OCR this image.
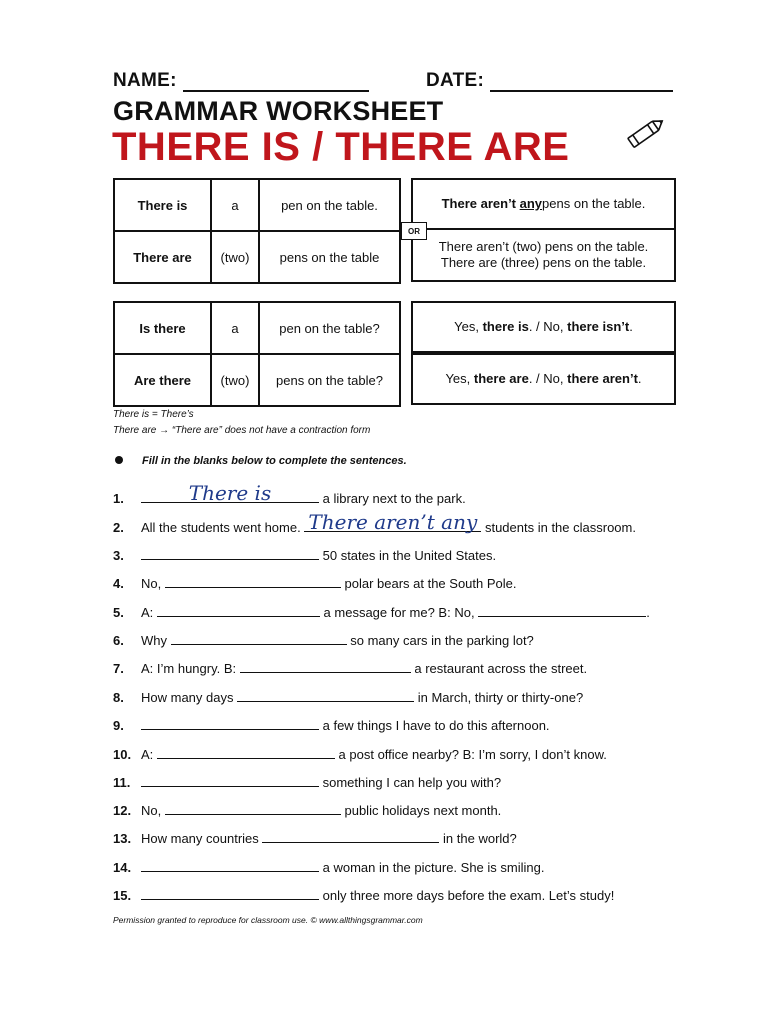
NAME:	DATE:
GRAMMAR WORKSHEET
THERE IS / THERE ARE
There is	a	pen on the table.
There are	(two)	pens on the table
There aren’t any pens on the table.
There aren’t (two) pens on the table.
There are (three) pens on the table.
OR
Is there	a	pen on the table?
Are there	(two)	pens on the table?
Yes, there is. / No, there isn’t.
Yes, there are. / No, there aren’t.
There is = There’s
There are → “There are” does not have a contraction form
Fill in the blanks below to complete the sentences.
1.	There is	a library next to the park.
2. All the students went home. There aren’t any students in the classroom.
3.	50 states in the United States.
4. No,	polar bears at the South Pole.
5. A:	a message for me? B: No,	.
6. Why	so many cars in the parking lot?
7. A: I’m hungry. B:	a restaurant across the street.
8. How many days	in March, thirty or thirty-one?
9.	a few things I have to do this afternoon.
10. A:	a post office nearby? B: I’m sorry, I don’t know.
11.	something I can help you with?
12. No,	public holidays next month.
13. How many countries	in the world?
14.	a woman in the picture. She is smiling.
15.	only three more days before the exam. Let’s study!
Permission granted to reproduce for classroom use. © www.allthingsgrammar.com
